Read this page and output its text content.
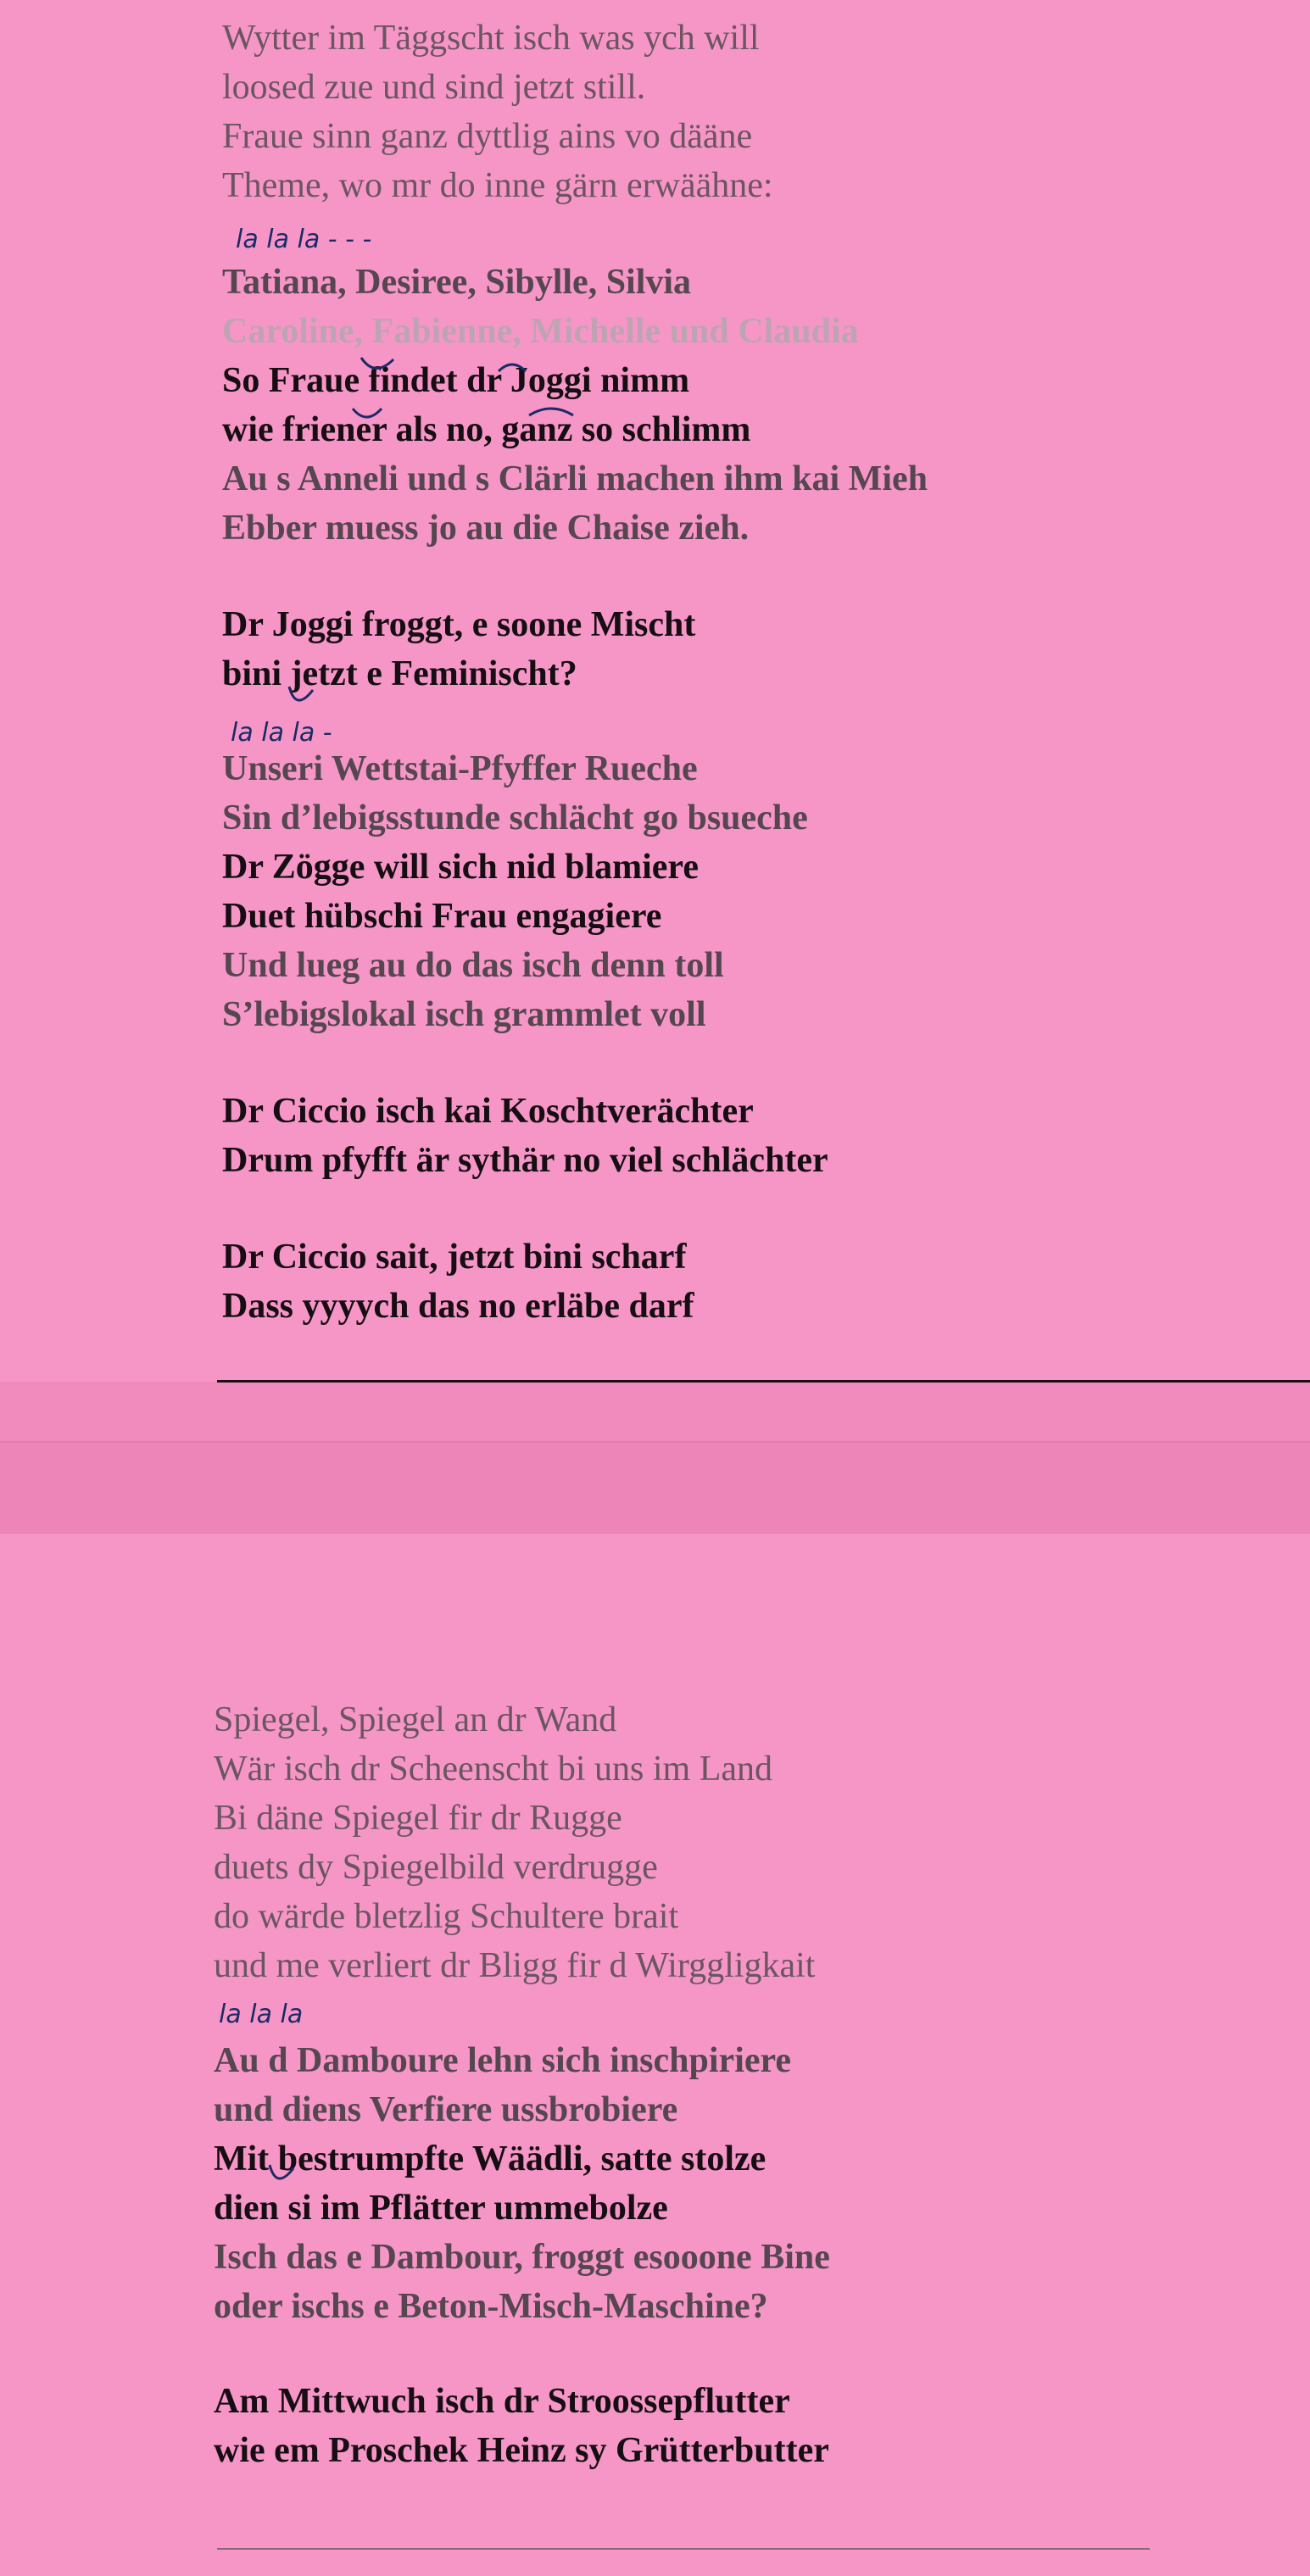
Wytter im Täggscht isch was ych will
loosed zue und sind jetzt still.
Fraue sinn ganz dyttlig ains vo dääne
Theme, wo mr do inne gärn erwäähne:
la la la - - -
Tatiana, Desiree, Sibylle, Silvia
Caroline, Fabienne, Michelle und Claudia
So Fraue findet dr Joggi nimm
wie friener als no, ganz so schlimm
Au s Anneli und s Clärli machen ihm kai Mieh
Ebber muess jo au die Chaise zieh.
Dr Joggi froggt, e soone Mischt
bini jetzt e Feminischt?
la la la -
Unseri Wettstai-Pfyffer Rueche
Sin d’lebigsstunde schlächt go bsueche
Dr Zögge will sich nid blamiere
Duet hübschi Frau engagiere
Und lueg au do das isch denn toll
S’lebigslokal isch grammlet voll
Dr Ciccio isch kai Koschtverächter
Drum pfyfft är sythär no viel schlächter
Dr Ciccio sait, jetzt bini scharf
Dass yyyych das no erläbe darf
Spiegel, Spiegel an dr Wand
Wär isch dr Scheenscht bi uns im Land
Bi däne Spiegel fir dr Rugge
duets dy Spiegelbild verdrugge
do wärde bletzlig Schultere brait
und me verliert dr Bligg fir d Wirggligkait
la la la
Au d Damboure lehn sich inschpiriere
und diens Verfiere ussbrobiere
Mit bestrumpfte Wäädli, satte stolze
dien si im Pflätter ummebolze
Isch das e Dambour, froggt esooone Bine
oder ischs e Beton-Misch-Maschine?
Am Mittwuch isch dr Stroossepflutter
wie em Proschek Heinz sy Grütterbutter
